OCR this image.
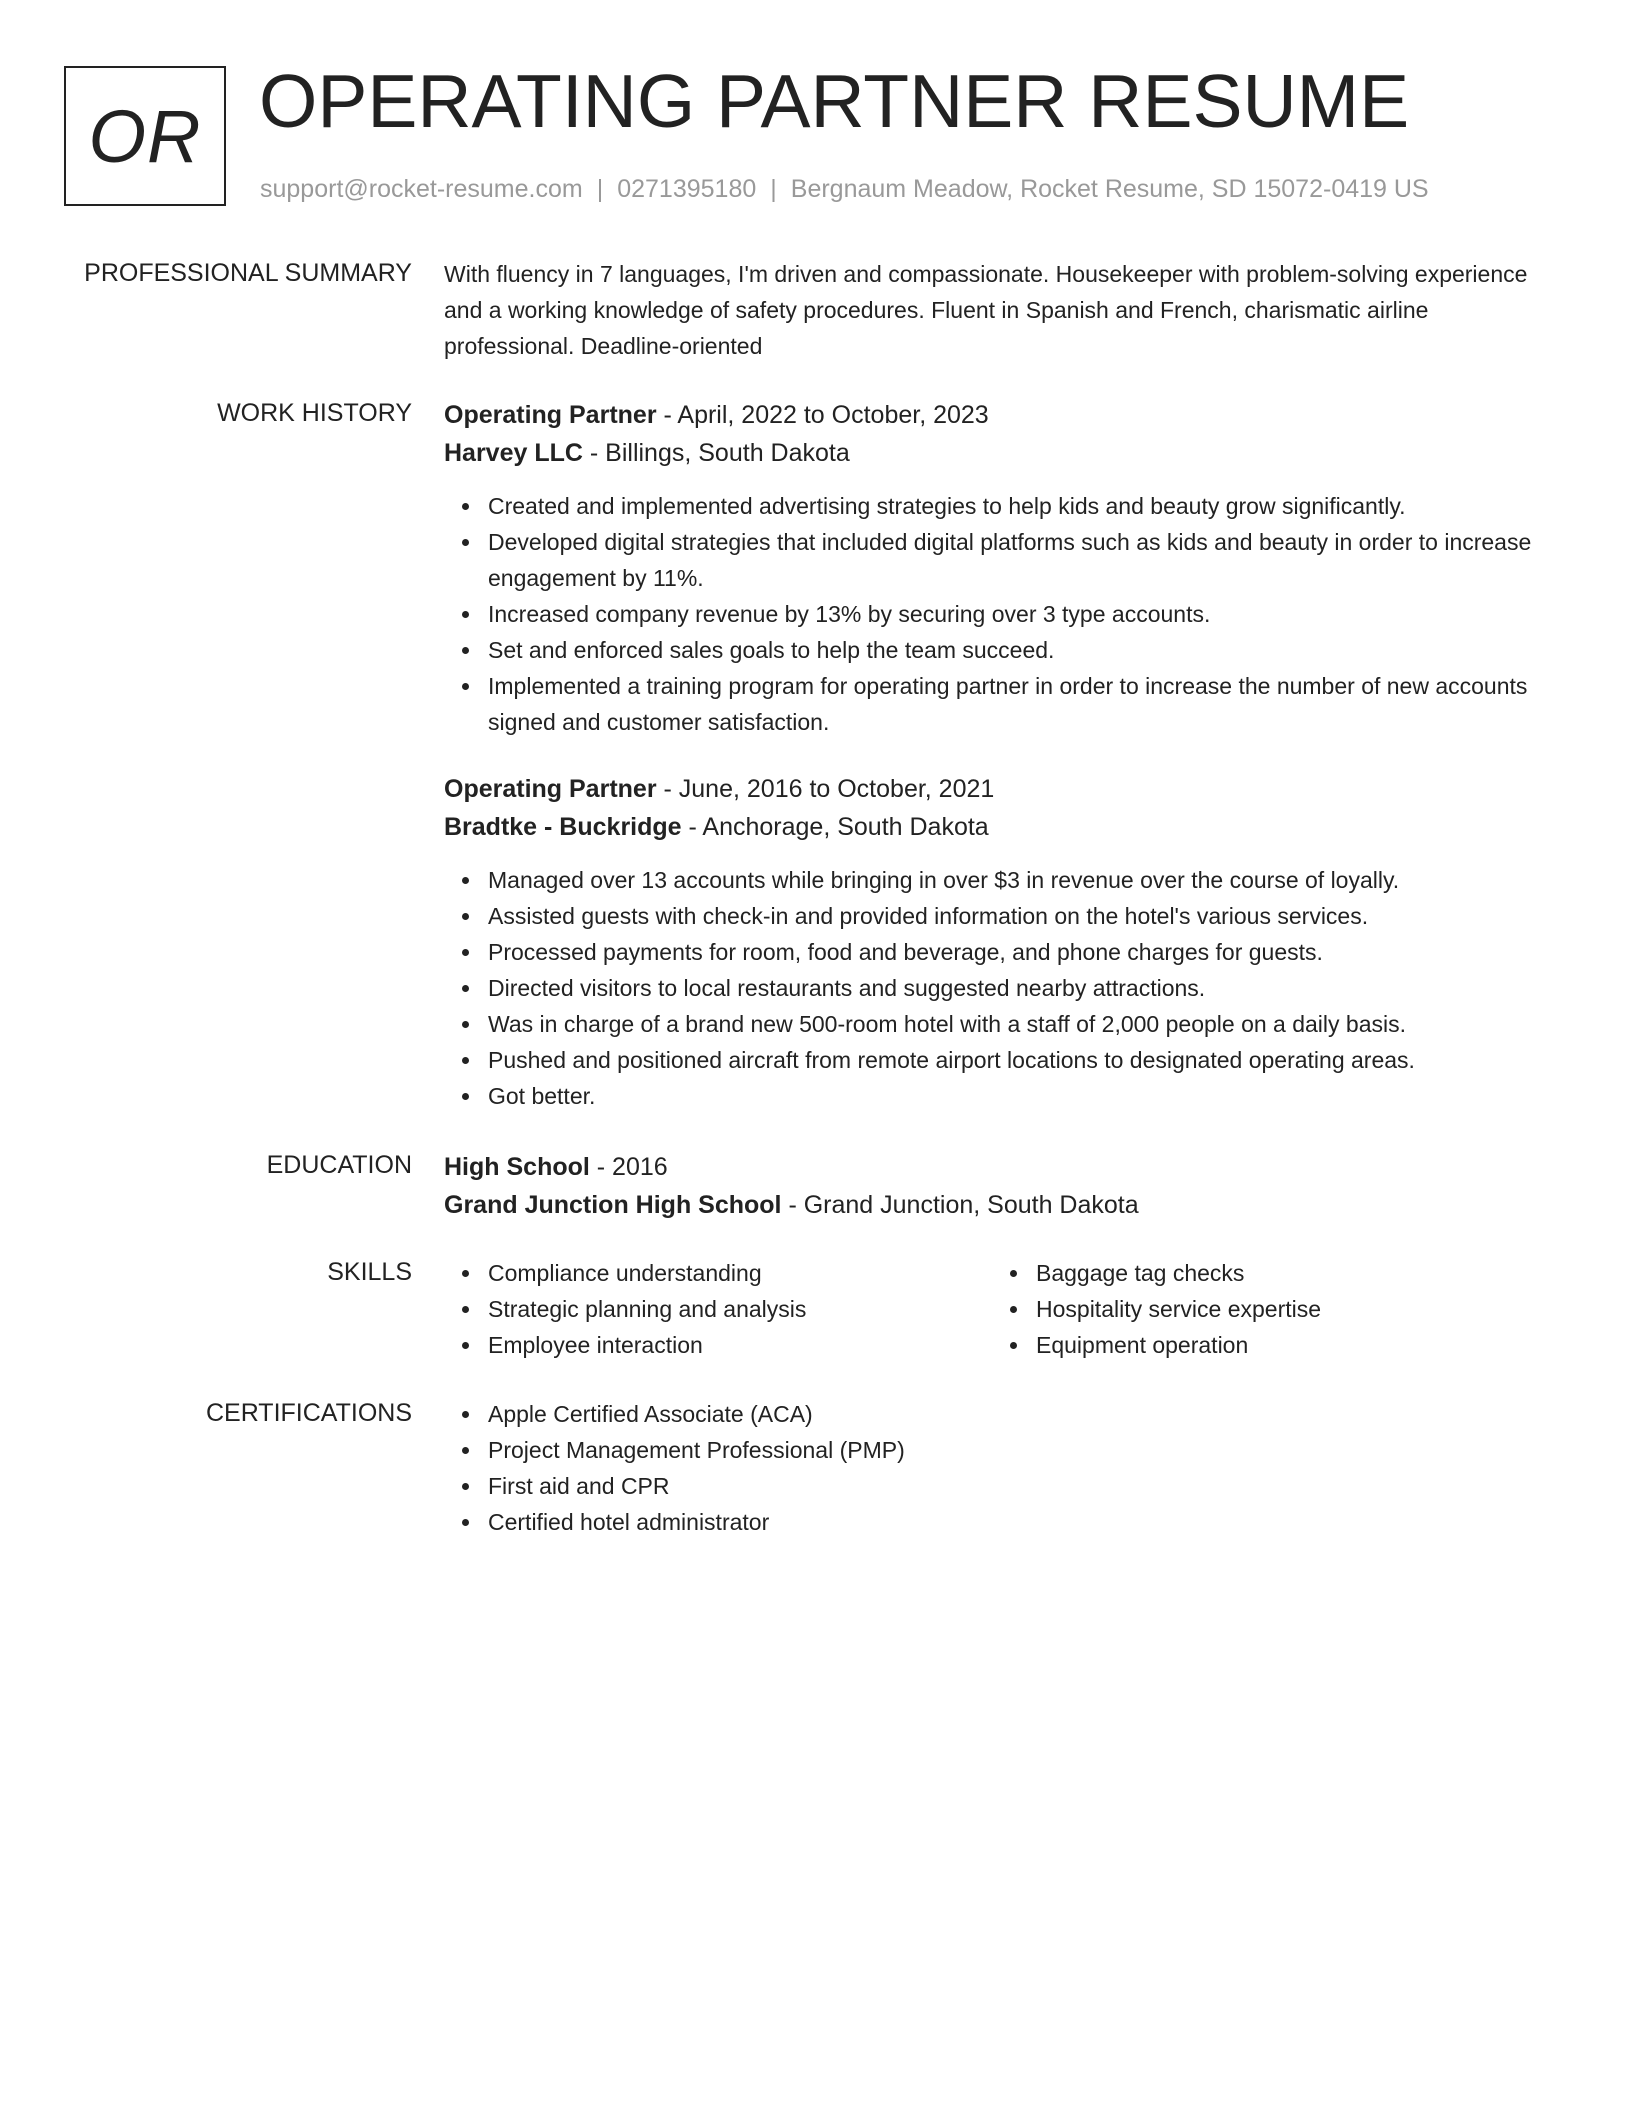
OR OPERATING PARTNER RESUME
support@rocket-resume.com | 0271395180 | Bergnaum Meadow, Rocket Resume, SD 15072-0419 US
PROFESSIONAL SUMMARY With fluency in 7 languages, I'm driven and compassionate. Housekeeper with problem-solving experience and a working knowledge of safety procedures. Fluent in Spanish and French, charismatic airline professional. Deadline-oriented

WORK HISTORY Operating Partner - April, 2022 to October, 2023
Harvey LLC - Billings, South Dakota
Created and implemented advertising strategies to help kids and beauty grow significantly.
Developed digital strategies that included digital platforms such as kids and beauty in order to increase engagement by 11%.
Increased company revenue by 13% by securing over 3 type accounts.
Set and enforced sales goals to help the team succeed.
Implemented a training program for operating partner in order to increase the number of new accounts signed and customer satisfaction.
Operating Partner - June, 2016 to October, 2021
Bradtke - Buckridge - Anchorage, South Dakota
Managed over 13 accounts while bringing in over $3 in revenue over the course of loyally.
Assisted guests with check-in and provided information on the hotel's various services.
Processed payments for room, food and beverage, and phone charges for guests.
Directed visitors to local restaurants and suggested nearby attractions.
Was in charge of a brand new 500-room hotel with a staff of 2,000 people on a daily basis.
Pushed and positioned aircraft from remote airport locations to designated operating areas.
Got better.
EDUCATION High School - 2016
Grand Junction High School - Grand Junction, South Dakota
SKILLS	Compliance understanding
Strategic planning and analysis
Employee interaction
Baggage tag checks
Hospitality service expertise
Equipment operation
CERTIFICATIONS	Apple Certified Associate (ACA)
Project Management Professional (PMP)
First aid and CPR
Certified hotel administrator
